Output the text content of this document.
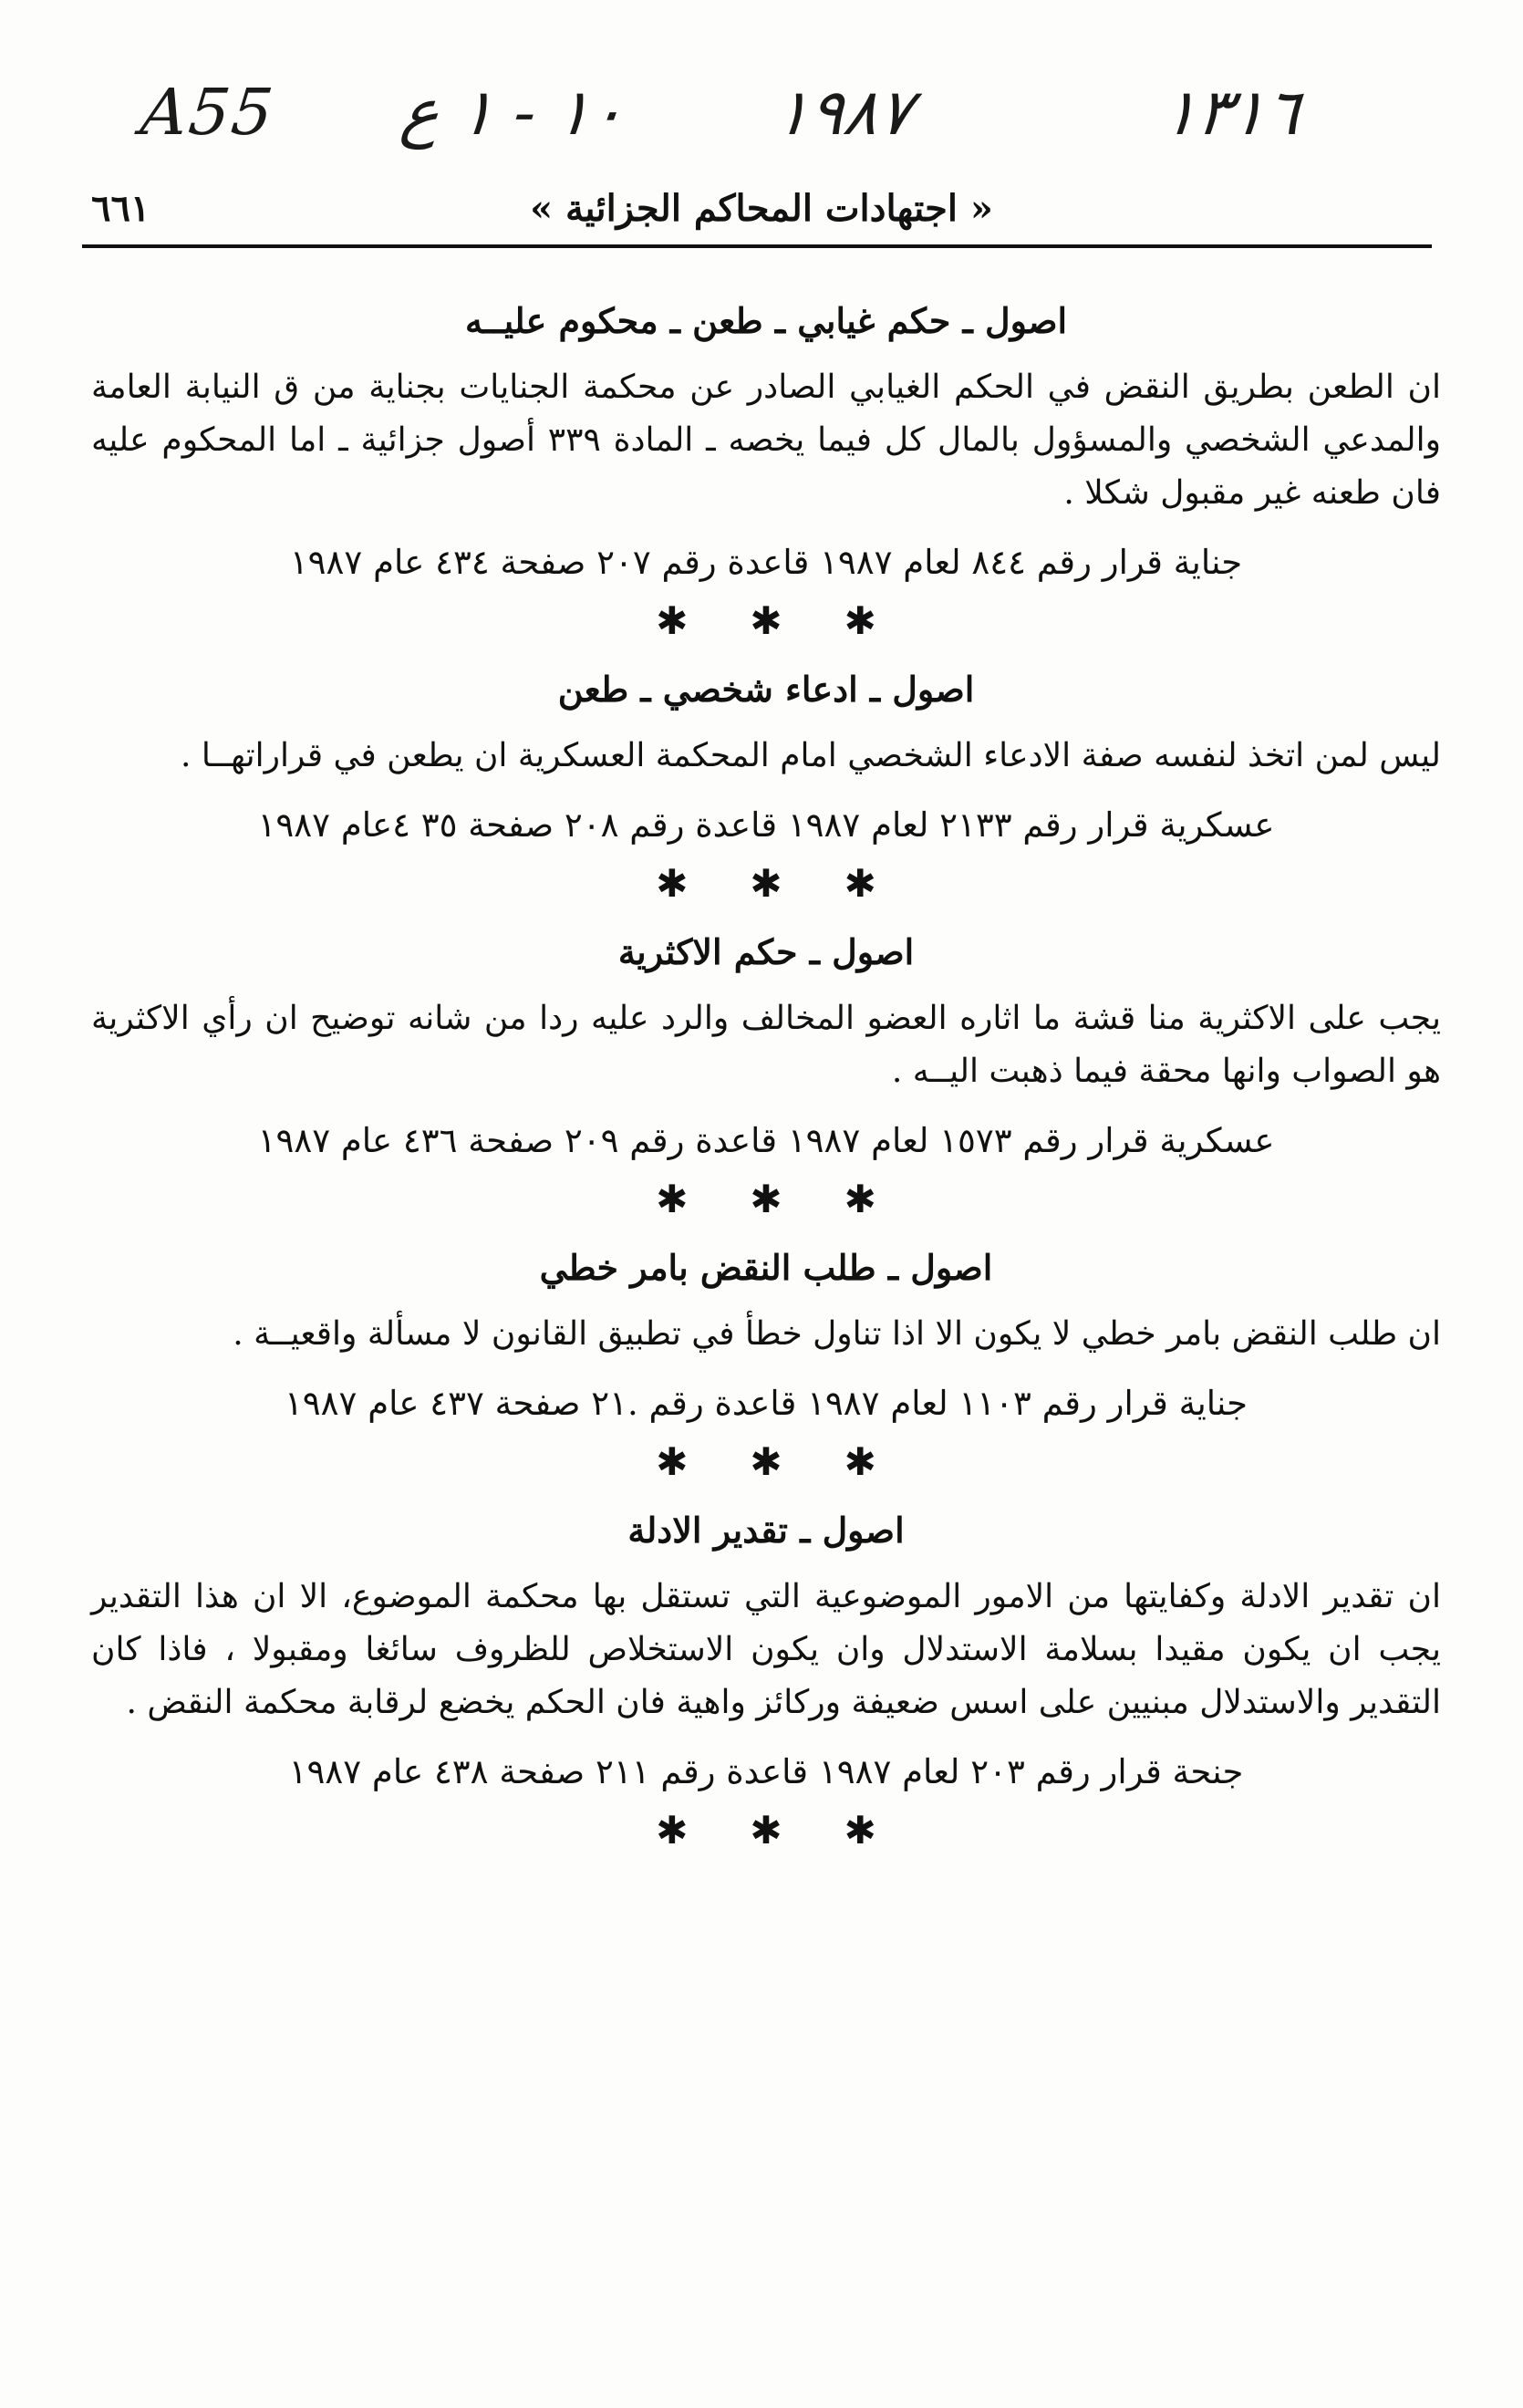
A55 ١٠ - ١ ع ١٩٨٧	١٣١٦
٦٦١	« اجتهادات المحاكم الجزائية »
اصول ـ حكم غيابي ـ طعن ـ محكوم عليــه
ان الطعن بطريق النقض في الحكم الغيابي الصادر عن محكمة الجنايات بجناية من ق النيابة العامة والمدعي الشخصي والمسؤول بالمال كل فيما يخصه ـ المادة ٣٣٩ أصول جزائية ـ اما المحكوم عليه فان طعنه غير مقبول شكلا .
جناية قرار رقم ٨٤٤ لعام ١٩٨٧ قاعدة رقم ٢٠٧ صفحة ٤٣٤ عام ١٩٨٧
✱✱✱
اصول ـ ادعاء شخصي ـ طعن
ليس لمن اتخذ لنفسه صفة الادعاء الشخصي امام المحكمة العسكرية ان يطعن في قراراتهــا .
عسكرية قرار رقم ٢١٣٣ لعام ١٩٨٧ قاعدة رقم ٢٠٨ صفحة ٣٥ ٤عام ١٩٨٧
✱✱✱
اصول ـ حكم الاكثرية
يجب على الاكثرية منا قشة ما اثاره العضو المخالف والرد عليه ردا من شانه توضيح ان رأي الاكثرية هو الصواب وانها محقة فيما ذهبت اليــه .
عسكرية قرار رقم ١٥٧٣ لعام ١٩٨٧ قاعدة رقم ٢٠٩ صفحة ٤٣٦ عام ١٩٨٧
✱✱✱
اصول ـ طلب النقض بامر خطي
ان طلب النقض بامر خطي لا يكون الا اذا تناول خطأ في تطبيق القانون لا مسألة واقعيــة .
جناية قرار رقم ١١٠٣ لعام ١٩٨٧ قاعدة رقم .٢١ صفحة ٤٣٧ عام ١٩٨٧
✱✱✱
اصول ـ تقدير الادلة
ان تقدير الادلة وكفايتها من الامور الموضوعية التي تستقل بها محكمة الموضوع، الا ان هذا التقدير يجب ان يكون مقيدا بسلامة الاستدلال وان يكون الاستخلاص للظروف سائغا ومقبولا ، فاذا كان التقدير والاستدلال مبنيين على اسس ضعيفة وركائز واهية فان الحكم يخضع لرقابة محكمة النقض .
جنحة قرار رقم ٢٠٣ لعام ١٩٨٧ قاعدة رقم ٢١١ صفحة ٤٣٨ عام ١٩٨٧
✱✱✱
